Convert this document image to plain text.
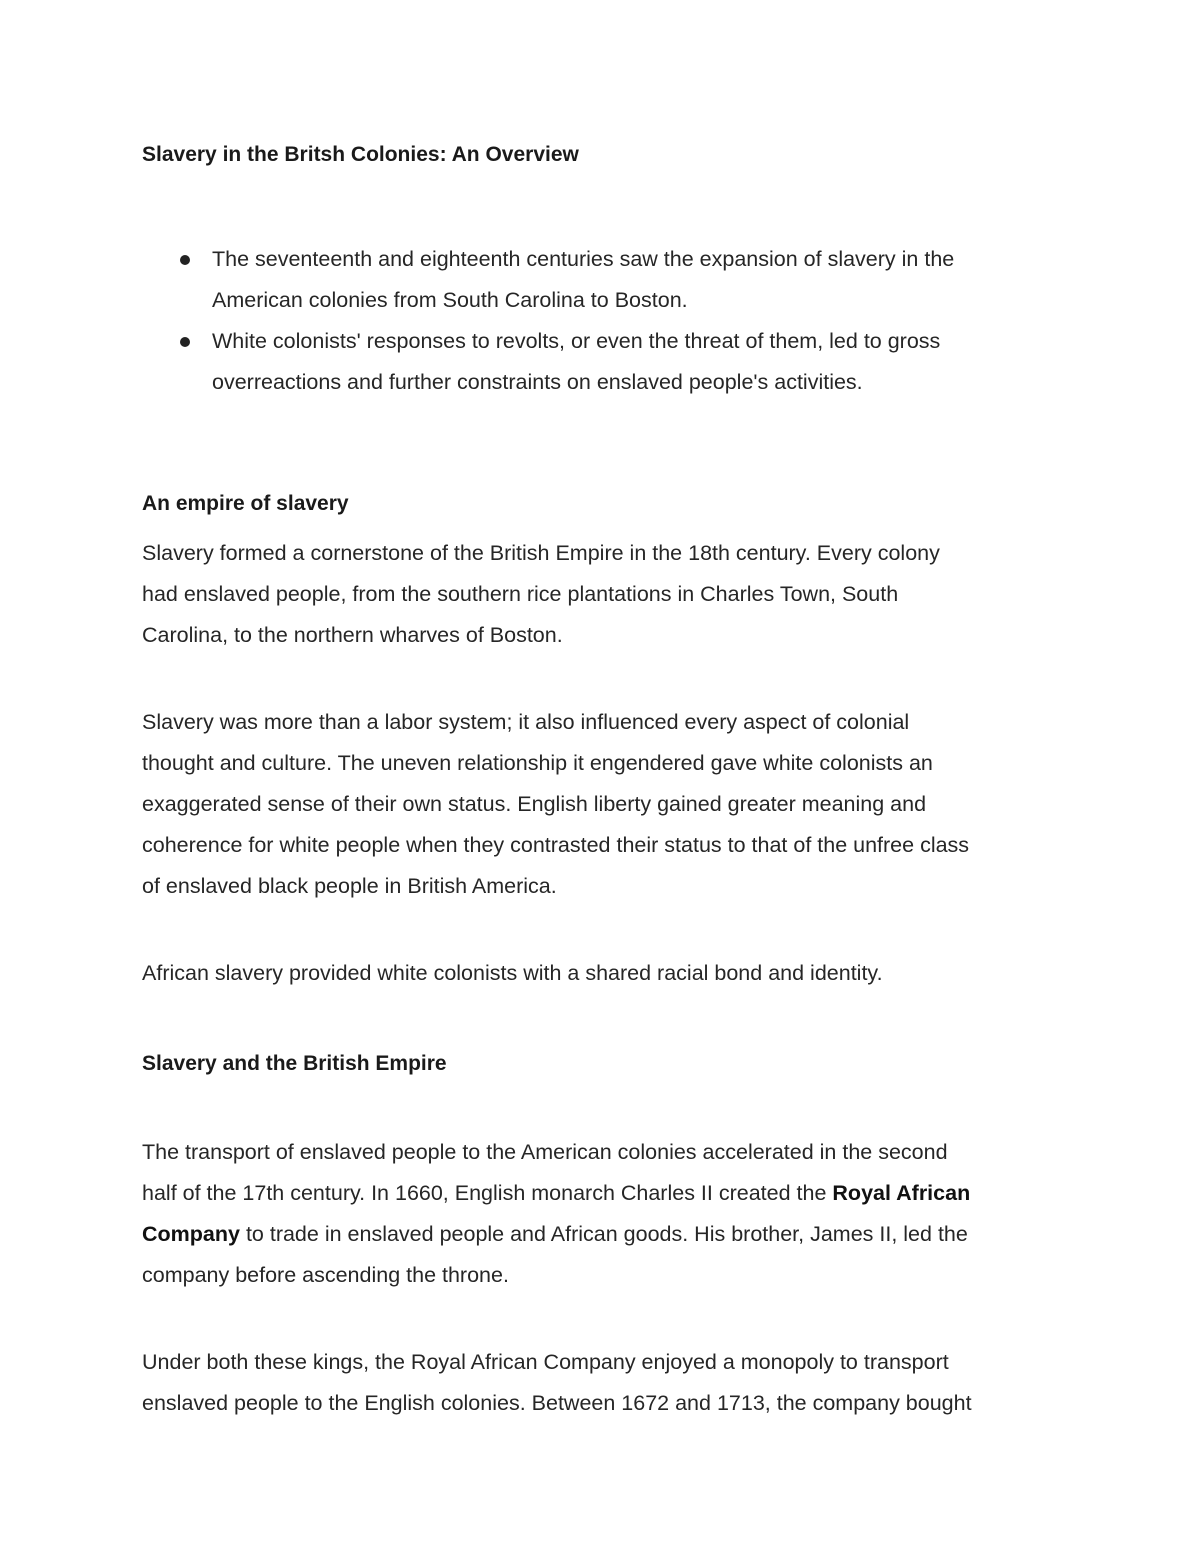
Slavery in the Britsh Colonies: An Overview

The seventeenth and eighteenth centuries saw the expansion of slavery in the
American colonies from South Carolina to Boston.
White colonists' responses to revolts, or even the threat of them, led to gross
overreactions and further constraints on enslaved people's activities.

An empire of slavery

Slavery formed a cornerstone of the British Empire in the 18th century. Every colony
had enslaved people, from the southern rice plantations in Charles Town, South
Carolina, to the northern wharves of Boston.

Slavery was more than a labor system; it also influenced every aspect of colonial
thought and culture. The uneven relationship it engendered gave white colonists an
exaggerated sense of their own status. English liberty gained greater meaning and
coherence for white people when they contrasted their status to that of the unfree class
of enslaved black people in British America.

African slavery provided white colonists with a shared racial bond and identity.

Slavery and the British Empire

The transport of enslaved people to the American colonies accelerated in the second
half of the 17th century. In 1660, English monarch Charles II created the Royal African
Company to trade in enslaved people and African goods. His brother, James II, led the
company before ascending the throne.

Under both these kings, the Royal African Company enjoyed a monopoly to transport
enslaved people to the English colonies. Between 1672 and 1713, the company bought
